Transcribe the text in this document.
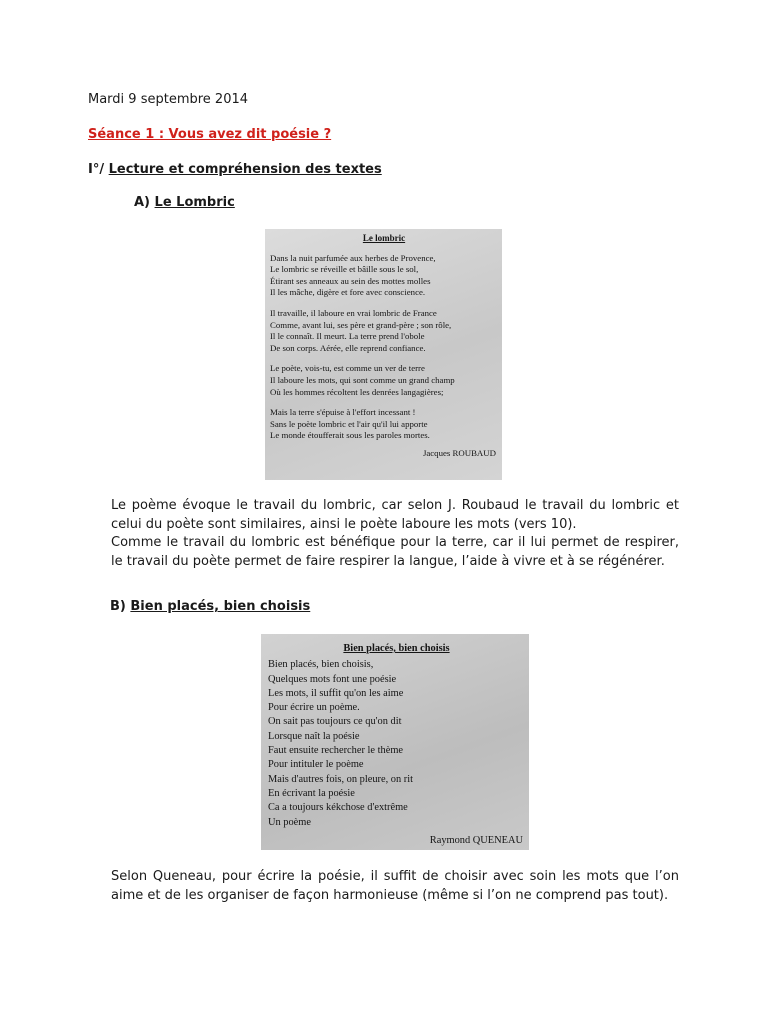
Mardi 9 septembre 2014
Séance 1 : Vous avez dit poésie ?
I°/ Lecture et compréhension des textes
A) Le Lombric
Le lombric
Dans la nuit parfumée aux herbes de Provence,
Le lombric se réveille et bâille sous le sol,
Étirant ses anneaux au sein des mottes molles
Il les mâche, digère et fore avec conscience.
Il travaille, il laboure en vrai lombric de France
Comme, avant lui, ses père et grand-père ; son rôle,
Il le connaît. Il meurt. La terre prend l'obole
De son corps. Aérée, elle reprend confiance.
Le poète, vois-tu, est comme un ver de terre
Il laboure les mots, qui sont comme un grand champ
Où les hommes récoltent les denrées langagières;
Mais la terre s'épuise à l'effort incessant !
Sans le poète lombric et l'air qu'il lui apporte
Le monde étoufferait sous les paroles mortes.
Jacques ROUBAUD

Le poème évoque le travail du lombric, car selon J. Roubaud le travail du lombric et celui du poète sont similaires, ainsi le poète laboure les mots (vers 10).

Comme le travail du lombric est bénéfique pour la terre, car il lui permet de respirer, le travail du poète permet de faire respirer la langue, l’aide à vivre et à se régénérer.

B) Bien placés, bien choisis
Bien placés, bien choisis
Bien placés, bien choisis,
Quelques mots font une poésie
Les mots, il suffit qu'on les aime
Pour écrire un poème.
On sait pas toujours ce qu'on dit
Lorsque naît la poésie
Faut ensuite rechercher le thème
Pour intituler le poème
Mais d'autres fois, on pleure, on rit
En écrivant la poésie
Ca a toujours kékchose d'extrême
Un poème
Raymond QUENEAU

Selon Queneau, pour écrire la poésie, il suffit de choisir avec soin les mots que l’on aime et de les organiser de façon harmonieuse (même si l’on ne comprend pas tout).
